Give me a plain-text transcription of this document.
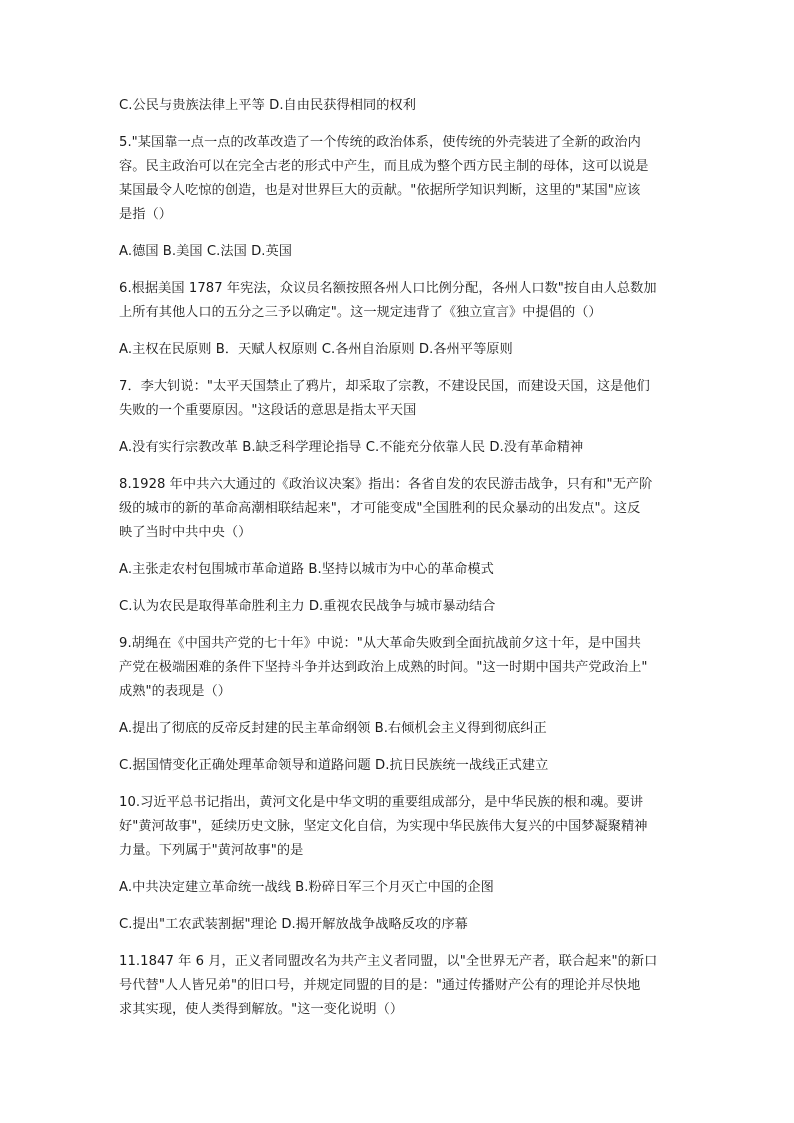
C.公民与贵族法律上平等 D.自由民获得相同的权利
5."某国靠一点一点的改革改造了一个传统的政治体系，使传统的外壳装进了全新的政治内
容。民主政治可以在完全古老的形式中产生，而且成为整个西方民主制的母体，这可以说是
某国最令人吃惊的创造，也是对世界巨大的贡献。"依据所学知识判断，这里的"某国"应该
是指（）
A.德国 B.美国 C.法国 D.英国
6.根据美国 1787 年宪法，众议员名额按照各州人口比例分配，各州人口数"按自由人总数加
上所有其他人口的五分之三予以确定"。这一规定违背了《独立宣言》中提倡的（）
A.主权在民原则 B．天赋人权原则 C.各州自治原则 D.各州平等原则
7．李大钊说："太平天国禁止了鸦片，却采取了宗教，不建设民国，而建设天国，这是他们
失败的一个重要原因。"这段话的意思是指太平天国
A.没有实行宗教改革 B.缺乏科学理论指导 C.不能充分依靠人民 D.没有革命精神
8.1928 年中共六大通过的《政治议决案》指出：各省自发的农民游击战争，只有和"无产阶
级的城市的新的革命高潮相联结起来"，才可能变成"全国胜利的民众暴动的出发点"。这反
映了当时中共中央（）
A.主张走农村包围城市革命道路 B.坚持以城市为中心的革命模式
C.认为农民是取得革命胜利主力 D.重视农民战争与城市暴动结合
9.胡绳在《中国共产党的七十年》中说："从大革命失败到全面抗战前夕这十年，是中国共
产党在极端困难的条件下坚持斗争并达到政治上成熟的时间。"这一时期中国共产党政治上"
成熟"的表现是（）
A.提出了彻底的反帝反封建的民主革命纲领 B.右倾机会主义得到彻底纠正
C.据国情变化正确处理革命领导和道路问题 D.抗日民族统一战线正式建立
10.习近平总书记指出，黄河文化是中华文明的重要组成部分，是中华民族的根和魂。要讲
好"黄河故事"，延续历史文脉，坚定文化自信，为实现中华民族伟大复兴的中国梦凝聚精神
力量。下列属于"黄河故事"的是
A.中共决定建立革命统一战线 B.粉碎日军三个月灭亡中国的企图
C.提出"工农武装割据"理论 D.揭开解放战争战略反攻的序幕
11.1847 年 6 月，正义者同盟改名为共产主义者同盟，以"全世界无产者，联合起来"的新口
号代替"人人皆兄弟"的旧口号，并规定同盟的目的是："通过传播财产公有的理论并尽快地
求其实现，使人类得到解放。"这一变化说明（）
